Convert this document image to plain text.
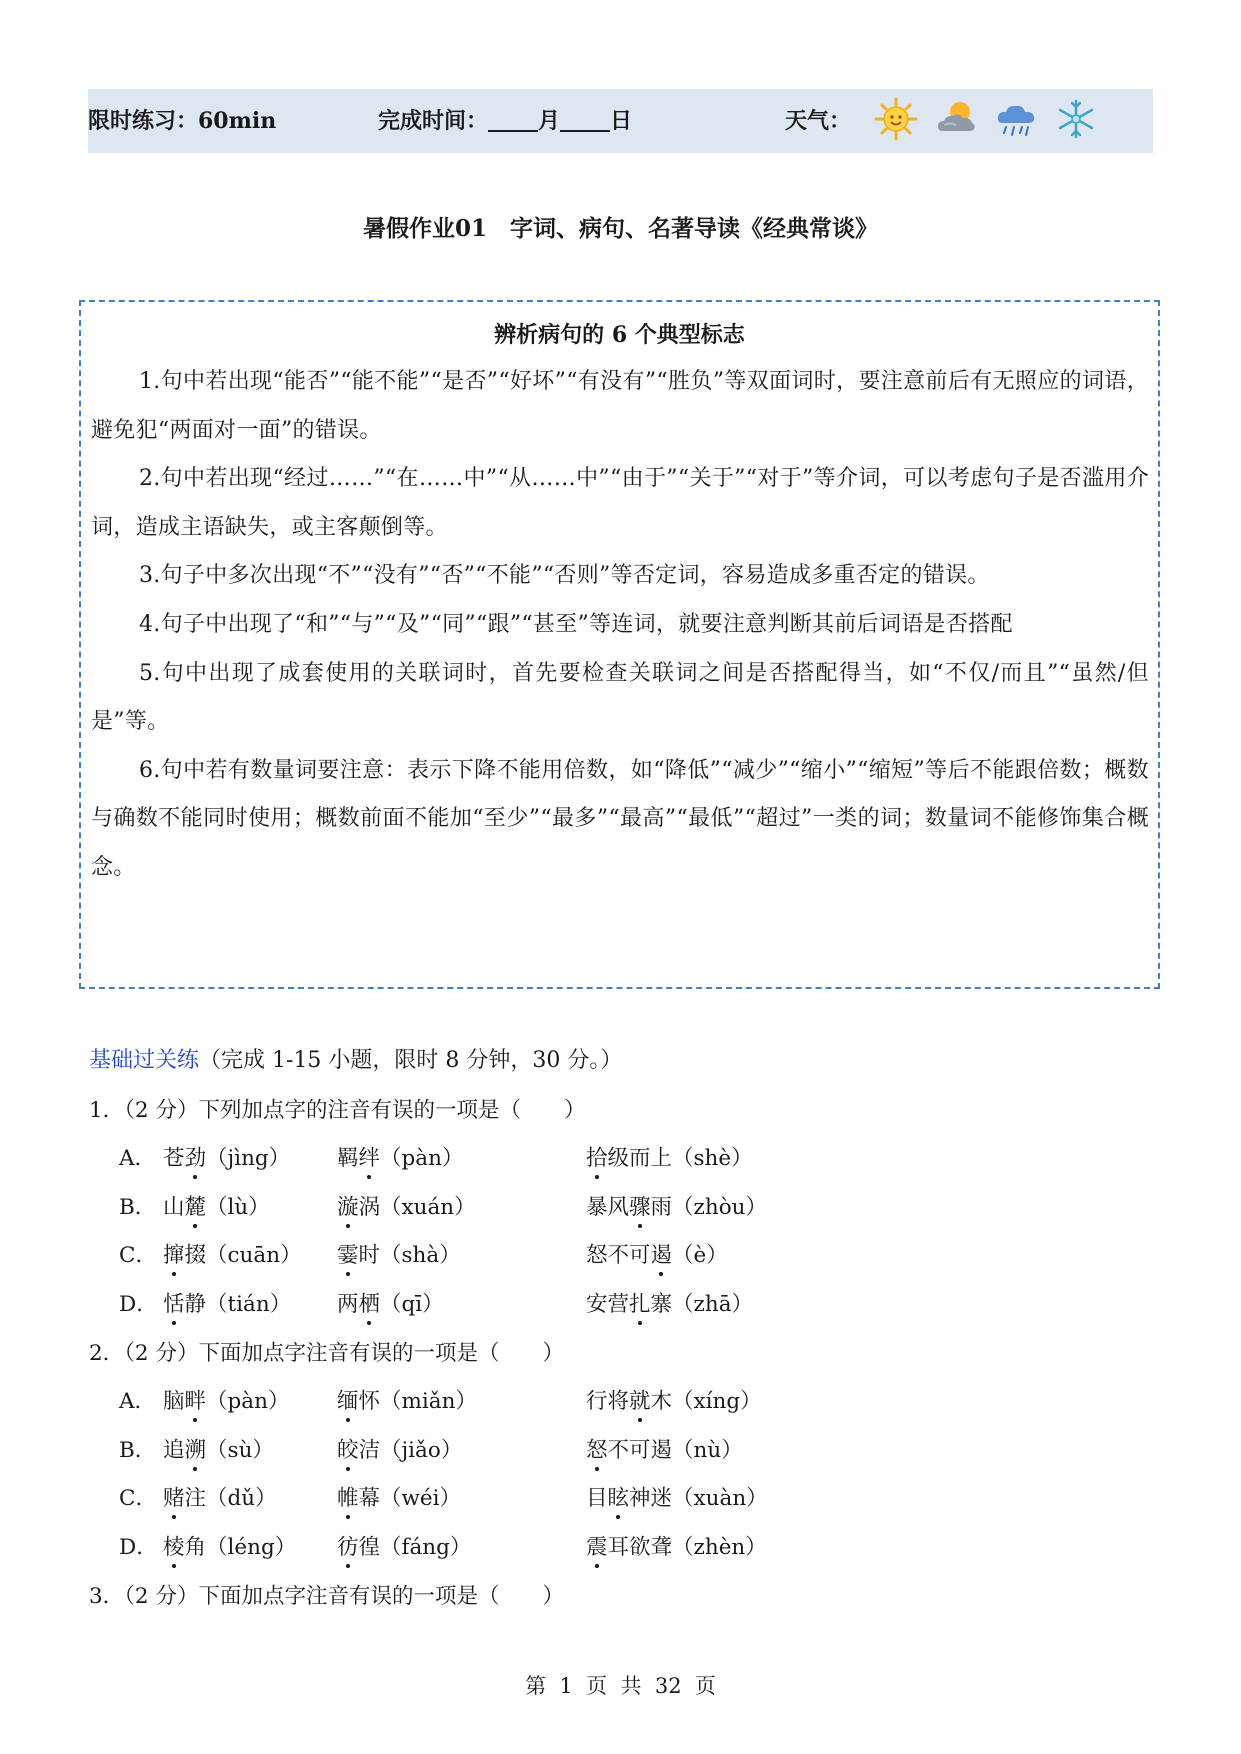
限时练习：60min	完成时间： 月 日	天气：
暑假作业01　字词、病句、名著导读《经典常谈》
辨析病句的 6 个典型标志

1.句中若出现“能否”“能不能”“是否”“好坏”“有没有”“胜负”等双面词时，要注意前后有无照应的词语，避免犯“两面对一面”的错误。

2.句中若出现“经过……”“在……中”“从……中”“由于”“关于”“对于”等介词，可以考虑句子是否滥用介词，造成主语缺失，或主客颠倒等。

3.句子中多次出现“不”“没有”“否”“不能”“否则”等否定词，容易造成多重否定的错误。

4.句子中出现了“和”“与”“及”“同”“跟”“甚至”等连词，就要注意判断其前后词语是否搭配

5.句中出现了成套使用的关联词时，首先要检查关联词之间是否搭配得当，如“不仅/而且”“虽然/但是”等。

6.句中若有数量词要注意：表示下降不能用倍数，如“降低”“减少”“缩小”“缩短”等后不能跟倍数；概数与确数不能同时使用；概数前面不能加“至少”“最多”“最高”“最低”“超过”一类的词；数量词不能修饰集合概念。

基础过关练（完成 1-15 小题，限时 8 分钟，30 分。）
1．（2 分）下列加点字的注音有误的一项是（　　）
A． 苍劲（jìng） 羁绊（pàn）	拾级而上（shè）
B． 山麓（lù）	漩涡（xuán）	暴风骤雨（zhòu）
C． 撺掇（cuān） 霎时（shà）	怒不可遏（è）
D． 恬静（tián） 两栖（qī）	安营扎寨（zhā）
2．（2 分）下面加点字注音有误的一项是（　　）
A． 脑畔（pàn） 缅怀（miǎn）	行将就木（xíng）
B． 追溯（sù）	皎洁（jiǎo）	怒不可遏（nù）
C． 赌注（dǔ）	帷幕（wéi）	目眩神迷（xuàn）
D． 棱角（léng） 彷徨（fáng）	震耳欲聋（zhèn）
3．（2 分）下面加点字注音有误的一项是（　　）
第  1  页  共  32  页
